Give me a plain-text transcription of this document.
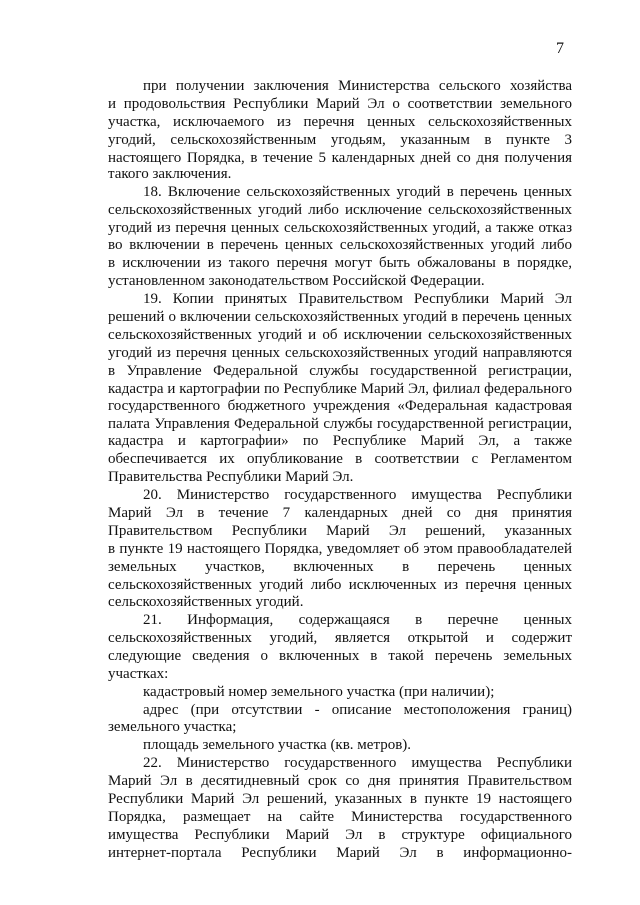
7
при получении заключения Министерства сельского хозяйства
и продовольствия Республики Марий Эл о соответствии земельного
участка, исключаемого из перечня ценных сельскохозяйственных
угодий, сельскохозяйственным угодьям, указанным в пункте 3
настоящего Порядка, в течение 5 календарных дней со дня получения
такого заключения.
18. Включение сельскохозяйственных угодий в перечень ценных
сельскохозяйственных угодий либо исключение сельскохозяйственных
угодий из перечня ценных сельскохозяйственных угодий, а также отказ
во включении в перечень ценных сельскохозяйственных угодий либо
в исключении из такого перечня могут быть обжалованы в порядке,
установленном законодательством Российской Федерации.
19. Копии принятых Правительством Республики Марий Эл
решений о включении сельскохозяйственных угодий в перечень ценных
сельскохозяйственных угодий и об исключении сельскохозяйственных
угодий из перечня ценных сельскохозяйственных угодий направляются
в Управление Федеральной службы государственной регистрации,
кадастра и картографии по Республике Марий Эл, филиал федерального
государственного бюджетного учреждения «Федеральная кадастровая
палата Управления Федеральной службы государственной регистрации,
кадастра и картографии» по Республике Марий Эл, а также
обеспечивается их опубликование в соответствии с Регламентом
Правительства Республики Марий Эл.
20. Министерство государственного имущества Республики
Марий Эл в течение 7 календарных дней со дня принятия
Правительством Республики Марий Эл решений, указанных
в пункте 19 настоящего Порядка, уведомляет об этом правообладателей
земельных участков, включенных в перечень ценных
сельскохозяйственных угодий либо исключенных из перечня ценных
сельскохозяйственных угодий.
21. Информация, содержащаяся в перечне ценных
сельскохозяйственных угодий, является открытой и содержит
следующие сведения о включенных в такой перечень земельных
участках:
кадастровый номер земельного участка (при наличии);
адрес (при отсутствии - описание местоположения границ)
земельного участка;
площадь земельного участка (кв. метров).
22. Министерство государственного имущества Республики
Марий Эл в десятидневный срок со дня принятия Правительством
Республики Марий Эл решений, указанных в пункте 19 настоящего
Порядка, размещает на сайте Министерства государственного
имущества Республики Марий Эл в структуре официального
интернет-портала Республики Марий Эл в информационно-
